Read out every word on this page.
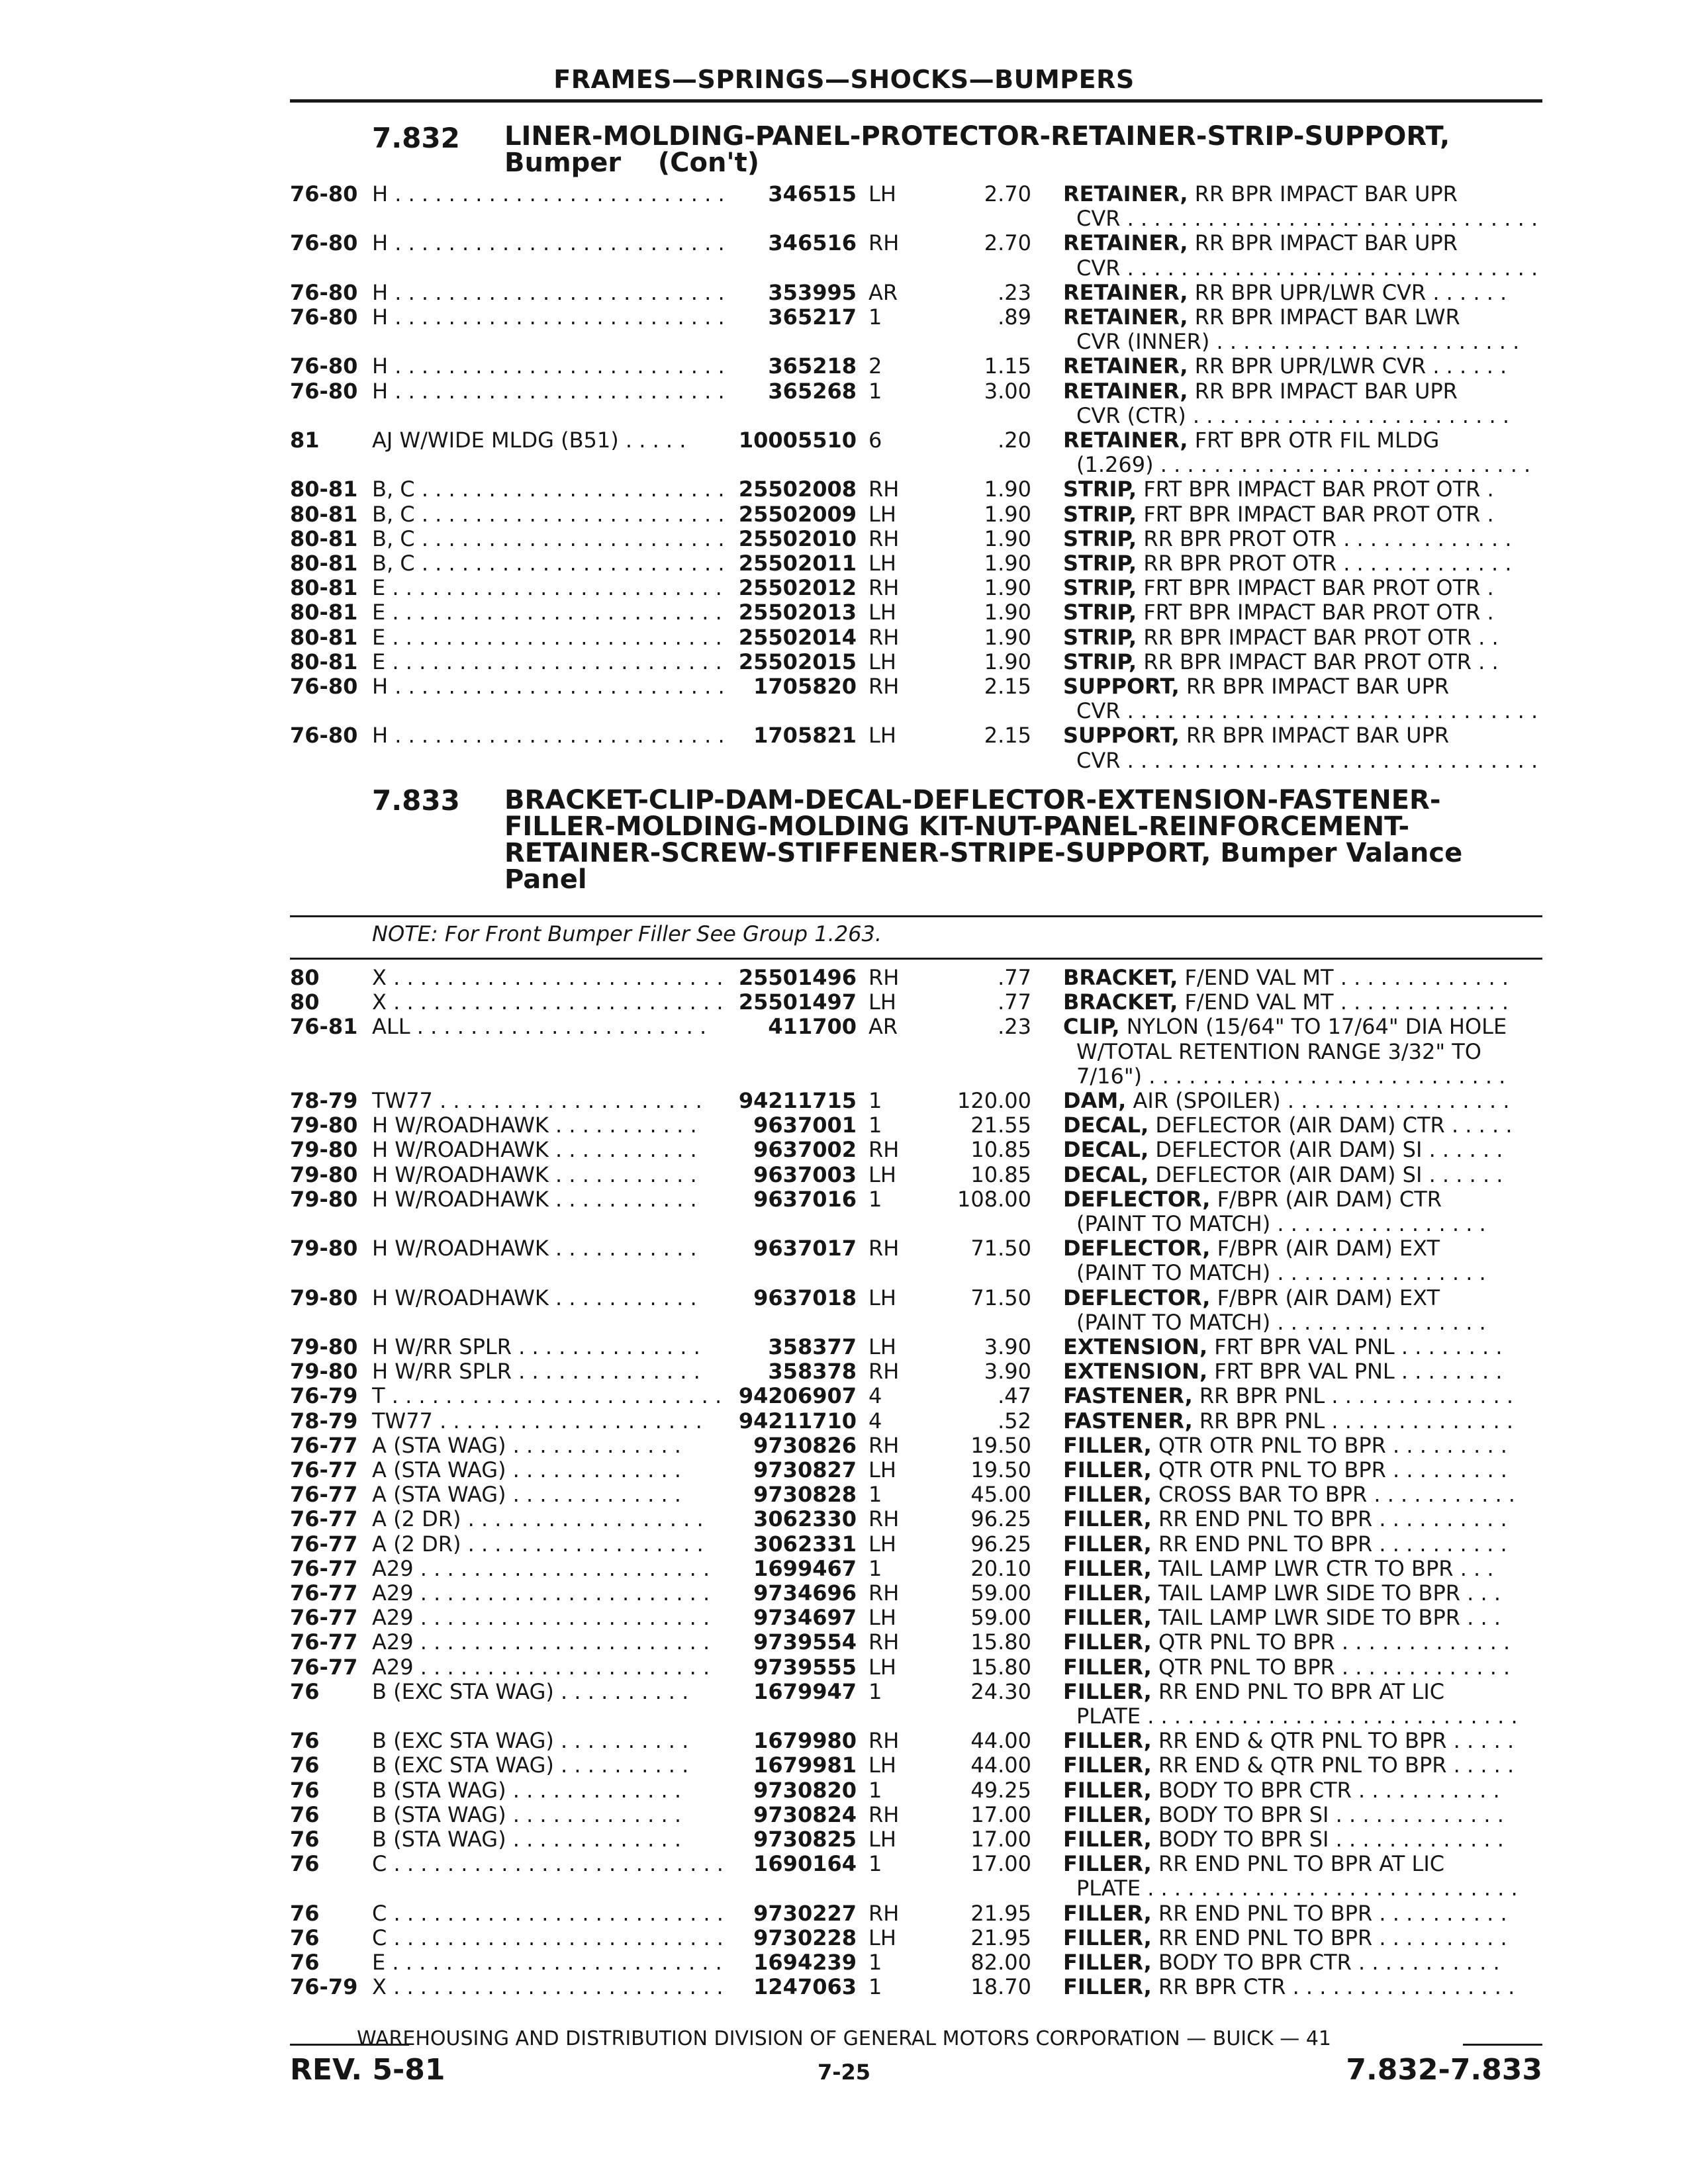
FRAMES—SPRINGS—SHOCKS—BUMPERS
7.832 LINER-MOLDING-PANEL-PROTECTOR-RETAINER-STRIP-SUPPORT,
Bumper    (Con't)
76-80 H . . . . . . . . . . . . . . . . . . . . . . . . .	346515 LH	2.70 RETAINER, RR BPR IMPACT BAR UPR
CVR . . . . . . . . . . . . . . . . . . . . . . . . . . . . . . .
76-80 H . . . . . . . . . . . . . . . . . . . . . . . . .	346516 RH	2.70 RETAINER, RR BPR IMPACT BAR UPR
CVR . . . . . . . . . . . . . . . . . . . . . . . . . . . . . . .
76-80 H . . . . . . . . . . . . . . . . . . . . . . . . .	353995 AR	.23 RETAINER, RR BPR UPR/LWR CVR . . . . . .
76-80 H . . . . . . . . . . . . . . . . . . . . . . . . .	365217 1	.89 RETAINER, RR BPR IMPACT BAR LWR
CVR (INNER) . . . . . . . . . . . . . . . . . . . . . . .
76-80 H . . . . . . . . . . . . . . . . . . . . . . . . .	365218 2	1.15 RETAINER, RR BPR UPR/LWR CVR . . . . . .
76-80 H . . . . . . . . . . . . . . . . . . . . . . . . .	365268 1	3.00 RETAINER, RR BPR IMPACT BAR UPR
CVR (CTR) . . . . . . . . . . . . . . . . . . . . . . . .
81	AJ W/WIDE MLDG (B51) . . . . .	10005510 6	.20 RETAINER, FRT BPR OTR FIL MLDG
(1.269) . . . . . . . . . . . . . . . . . . . . . . . . . . . .
80-81 B, C . . . . . . . . . . . . . . . . . . . . . . . 25502008 RH	1.90 STRIP, FRT BPR IMPACT BAR PROT OTR .
80-81 B, C . . . . . . . . . . . . . . . . . . . . . . . 25502009 LH	1.90 STRIP, FRT BPR IMPACT BAR PROT OTR .
80-81 B, C . . . . . . . . . . . . . . . . . . . . . . . 25502010 RH	1.90 STRIP, RR BPR PROT OTR . . . . . . . . . . . . .
80-81 B, C . . . . . . . . . . . . . . . . . . . . . . . 25502011 LH	1.90 STRIP, RR BPR PROT OTR . . . . . . . . . . . . .
80-81 E . . . . . . . . . . . . . . . . . . . . . . . . . 25502012 RH	1.90 STRIP, FRT BPR IMPACT BAR PROT OTR .
80-81 E . . . . . . . . . . . . . . . . . . . . . . . . . 25502013 LH	1.90 STRIP, FRT BPR IMPACT BAR PROT OTR .
80-81 E . . . . . . . . . . . . . . . . . . . . . . . . . 25502014 RH	1.90 STRIP, RR BPR IMPACT BAR PROT OTR . .
80-81 E . . . . . . . . . . . . . . . . . . . . . . . . . 25502015 LH	1.90 STRIP, RR BPR IMPACT BAR PROT OTR . .
76-80 H . . . . . . . . . . . . . . . . . . . . . . . . .	1705820 RH	2.15 SUPPORT, RR BPR IMPACT BAR UPR
CVR . . . . . . . . . . . . . . . . . . . . . . . . . . . . . . .
76-80 H . . . . . . . . . . . . . . . . . . . . . . . . .	1705821 LH	2.15 SUPPORT, RR BPR IMPACT BAR UPR
CVR . . . . . . . . . . . . . . . . . . . . . . . . . . . . . . .
7.833 BRACKET-CLIP-DAM-DECAL-DEFLECTOR-EXTENSION-FASTENER-
FILLER-MOLDING-MOLDING KIT-NUT-PANEL-REINFORCEMENT-
RETAINER-SCREW-STIFFENER-STRIPE-SUPPORT, Bumper Valance
Panel
NOTE: For Front Bumper Filler See Group 1.263.
80	X . . . . . . . . . . . . . . . . . . . . . . . . . 25501496 RH	.77 BRACKET, F/END VAL MT . . . . . . . . . . . . .
80	X . . . . . . . . . . . . . . . . . . . . . . . . . 25501497 LH	.77 BRACKET, F/END VAL MT . . . . . . . . . . . . .
76-81 ALL . . . . . . . . . . . . . . . . . . . . . .	411700 AR	.23 CLIP, NYLON (15/64" TO 17/64" DIA HOLE
W/TOTAL RETENTION RANGE 3/32" TO
7/16") . . . . . . . . . . . . . . . . . . . . . . . . . . .
78-79 TW77 . . . . . . . . . . . . . . . . . . . .	94211715 1	120.00 DAM, AIR (SPOILER) . . . . . . . . . . . . . . . . .
79-80 H W/ROADHAWK . . . . . . . . . . .	9637001 1	21.55 DECAL, DEFLECTOR (AIR DAM) CTR . . . . .
79-80 H W/ROADHAWK . . . . . . . . . . .	9637002 RH	10.85 DECAL, DEFLECTOR (AIR DAM) SI . . . . . .
79-80 H W/ROADHAWK . . . . . . . . . . .	9637003 LH	10.85 DECAL, DEFLECTOR (AIR DAM) SI . . . . . .
79-80 H W/ROADHAWK . . . . . . . . . . .	9637016 1	108.00 DEFLECTOR, F/BPR (AIR DAM) CTR
(PAINT TO MATCH) . . . . . . . . . . . . . . . .
79-80 H W/ROADHAWK . . . . . . . . . . .	9637017 RH	71.50 DEFLECTOR, F/BPR (AIR DAM) EXT
(PAINT TO MATCH) . . . . . . . . . . . . . . . .
79-80 H W/ROADHAWK . . . . . . . . . . .	9637018 LH	71.50 DEFLECTOR, F/BPR (AIR DAM) EXT
(PAINT TO MATCH) . . . . . . . . . . . . . . . .
79-80 H W/RR SPLR . . . . . . . . . . . . . .	358377 LH	3.90 EXTENSION, FRT BPR VAL PNL . . . . . . . .
79-80 H W/RR SPLR . . . . . . . . . . . . . .	358378 RH	3.90 EXTENSION, FRT BPR VAL PNL . . . . . . . .
76-79 T . . . . . . . . . . . . . . . . . . . . . . . . . 94206907 4	.47 FASTENER, RR BPR PNL . . . . . . . . . . . . . .
78-79 TW77 . . . . . . . . . . . . . . . . . . . .	94211710 4	.52 FASTENER, RR BPR PNL . . . . . . . . . . . . . .
76-77 A (STA WAG) . . . . . . . . . . . . .	9730826 RH	19.50 FILLER, QTR OTR PNL TO BPR . . . . . . . . .
76-77 A (STA WAG) . . . . . . . . . . . . .	9730827 LH	19.50 FILLER, QTR OTR PNL TO BPR . . . . . . . . .
76-77 A (STA WAG) . . . . . . . . . . . . .	9730828 1	45.00 FILLER, CROSS BAR TO BPR . . . . . . . . . . .
76-77 A (2 DR) . . . . . . . . . . . . . . . . . .	3062330 RH	96.25 FILLER, RR END PNL TO BPR . . . . . . . . . .
76-77 A (2 DR) . . . . . . . . . . . . . . . . . .	3062331 LH	96.25 FILLER, RR END PNL TO BPR . . . . . . . . . .
76-77 A29 . . . . . . . . . . . . . . . . . . . . . .	1699467 1	20.10 FILLER, TAIL LAMP LWR CTR TO BPR . . .
76-77 A29 . . . . . . . . . . . . . . . . . . . . . .	9734696 RH	59.00 FILLER, TAIL LAMP LWR SIDE TO BPR . . .
76-77 A29 . . . . . . . . . . . . . . . . . . . . . .	9734697 LH	59.00 FILLER, TAIL LAMP LWR SIDE TO BPR . . .
76-77 A29 . . . . . . . . . . . . . . . . . . . . . .	9739554 RH	15.80 FILLER, QTR PNL TO BPR . . . . . . . . . . . . .
76-77 A29 . . . . . . . . . . . . . . . . . . . . . .	9739555 LH	15.80 FILLER, QTR PNL TO BPR . . . . . . . . . . . . .
76	B (EXC STA WAG) . . . . . . . . . .	1679947 1	24.30 FILLER, RR END PNL TO BPR AT LIC
PLATE . . . . . . . . . . . . . . . . . . . . . . . . . . . .
76	B (EXC STA WAG) . . . . . . . . . .	1679980 RH	44.00 FILLER, RR END & QTR PNL TO BPR . . . . .
76	B (EXC STA WAG) . . . . . . . . . .	1679981 LH	44.00 FILLER, RR END & QTR PNL TO BPR . . . . .
76	B (STA WAG) . . . . . . . . . . . . .	9730820 1	49.25 FILLER, BODY TO BPR CTR . . . . . . . . . . .
76	B (STA WAG) . . . . . . . . . . . . .	9730824 RH	17.00 FILLER, BODY TO BPR SI . . . . . . . . . . . . .
76	B (STA WAG) . . . . . . . . . . . . .	9730825 LH	17.00 FILLER, BODY TO BPR SI . . . . . . . . . . . . .
76	C . . . . . . . . . . . . . . . . . . . . . . . . .	1690164 1	17.00 FILLER, RR END PNL TO BPR AT LIC
PLATE . . . . . . . . . . . . . . . . . . . . . . . . . . . .
76	C . . . . . . . . . . . . . . . . . . . . . . . . .	9730227 RH	21.95 FILLER, RR END PNL TO BPR . . . . . . . . . .
76	C . . . . . . . . . . . . . . . . . . . . . . . . .	9730228 LH	21.95 FILLER, RR END PNL TO BPR . . . . . . . . . .
76	E . . . . . . . . . . . . . . . . . . . . . . . . .	1694239 1	82.00 FILLER, BODY TO BPR CTR . . . . . . . . . . .
76-79 X . . . . . . . . . . . . . . . . . . . . . . . . .	1247063 1	18.70 FILLER, RR BPR CTR . . . . . . . . . . . . . . . . .
WAREHOUSING AND DISTRIBUTION DIVISION OF GENERAL MOTORS CORPORATION — BUICK — 41
REV. 5-81	7-25	7.832-7.833
